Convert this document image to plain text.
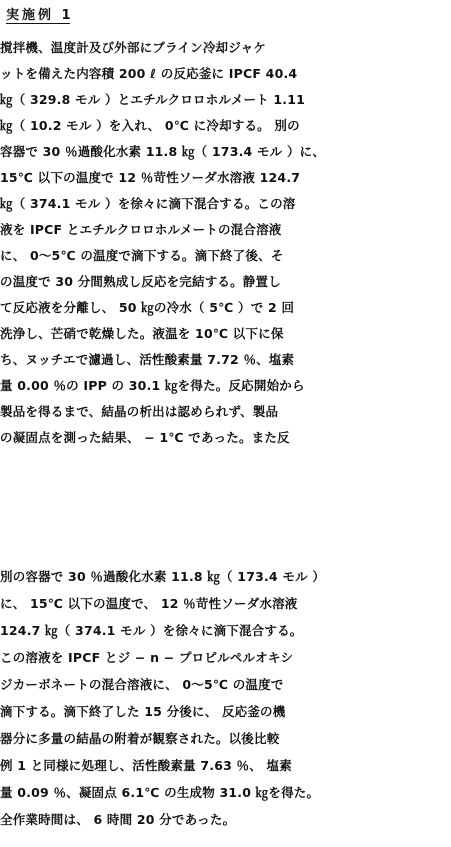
実施例 1
撹拌機、温度計及び外部にブライン冷却ジャケ
ットを備えた内容積 200 ℓ の反応釜に IPCF 40.4
㎏（ 329.8 モル ）とエチルクロロホルメート 1.11
㎏（ 10.2 モル ）を入れ、 0℃ に冷却する。 別の
容器で 30 ％過酸化水素 11.8 ㎏（ 173.4 モル ）に、
15℃ 以下の温度で 12 ％苛性ソーダ水溶液 124.7
㎏（ 374.1 モル ）を徐々に滴下混合する。この溶
液を IPCF とエチルクロロホルメートの混合溶液
に、 0〜5℃ の温度で滴下する。滴下終了後、そ
の温度で 30 分間熟成し反応を完結する。静置し
て反応液を分離し、 50 ㎏の冷水（ 5℃ ）で 2 回
洗浄し、芒硝で乾燥した。液温を 10℃ 以下に保
ち、ヌッチエで濾過し、活性酸素量 7.72 ％、塩素
量 0.00 ％の IPP の 30.1 ㎏を得た。反応開始から
製品を得るまで、結晶の析出は認められず、製品
の凝固点を測った結果、 − 1℃ であった。また反
別の容器で 30 ％過酸化水素 11.8 ㎏（ 173.4 モル ）
に、 15℃ 以下の温度で、 12 ％苛性ソーダ水溶液
124.7 ㎏（ 374.1 モル ）を徐々に滴下混合する。
この溶液を IPCF とジ − n − プロピルペルオキシ
ジカーボネートの混合溶液に、 0〜5℃ の温度で
滴下する。滴下終了した 15 分後に、 反応釜の機
器分に多量の結晶の附着が観察された。以後比較
例 1 と同様に処理し、活性酸素量 7.63 ％、 塩素
量 0.09 ％、凝固点 6.1℃ の生成物 31.0 ㎏を得た。
全作業時間は、 6 時間 20 分であった。
